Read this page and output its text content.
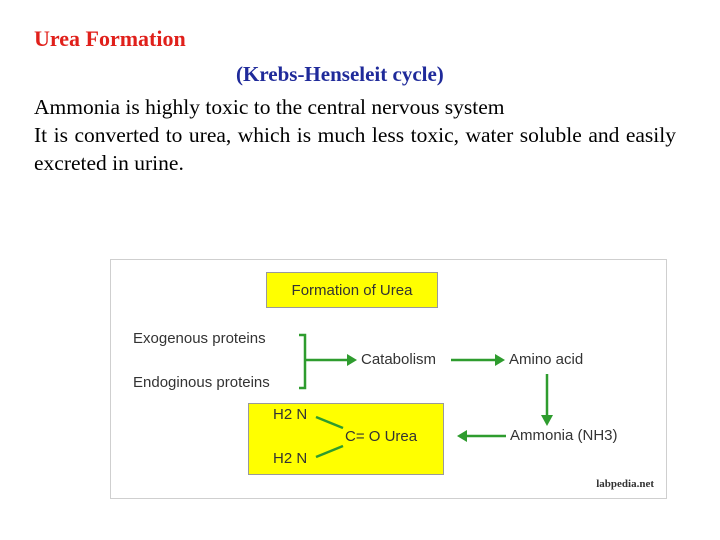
Urea Formation
(Krebs-Henseleit cycle)

Ammonia is highly toxic to the central nervous system

It is converted to urea, which is much less toxic, water soluble and easily excreted in urine.

Formation of Urea
Exogenous proteins
Endoginous proteins
Catabolism	Amino acid
Ammonia (NH3)
H2 N
H2 N
C= O Urea
labpedia.net
